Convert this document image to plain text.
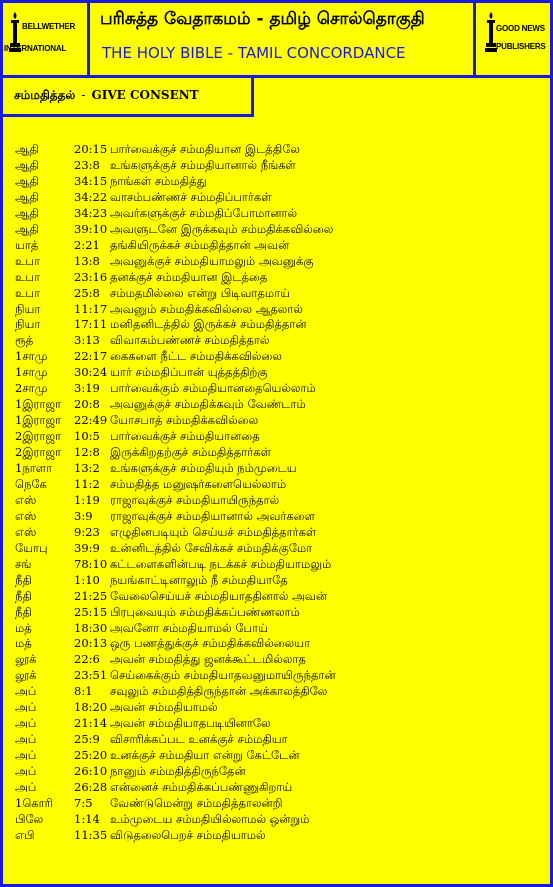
BELLWETHER
INTERNATIONAL
பரிசுத்த வேதாகமம் - தமிழ் சொல்தொகுதி
THE HOLY BIBLE - TAMIL CONCORDANCE
GOOD NEWS
PUBLISHERS
சம்மதித்தல் - GIVE CONSENT
ஆதி	20:15 பார்வைக்குச் சம்மதியான இடத்திலே
ஆதி	23:8 உங்களுக்குச் சம்மதியானால் நீங்கள்
ஆதி	34:15 நாங்கள் சம்மதித்து
ஆதி	34:22 வாசம்பண்ணச் சம்மதிப்பார்கள்
ஆதி	34:23 அவர்களுக்குச் சம்மதிப்போமானால்
ஆதி	39:10 அவளுடனே இருக்கவும் சம்மதிக்கவில்லை
யாத்	2:21 தங்கியிருக்கச் சம்மதித்தான் அவன்
உபா	13:8 அவனுக்குச் சம்மதியாமலும் அவனுக்கு
உபா	23:16 தனக்குச் சம்மதியான இடத்தை
உபா	25:8 சம்மதமில்லை என்று பிடிவாதமாய்
நியா	11:17 அவனும் சம்மதிக்கவில்லை ஆதலால்
நியா	17:11 மனிதனிடத்தில் இருக்கச் சம்மதித்தான்
ரூத்	3:13 விவாகம்பண்ணச் சம்மதித்தால்
1சாமு	22:17 கைகளை நீட்ட சம்மதிக்கவில்லை
1சாமு	30:24 யார் சம்மதிப்பான் யுத்தத்திற்கு
2சாமு	3:19 பார்வைக்கும் சம்மதியானதையெல்லாம்
1இராஜா	20:8 அவனுக்குச் சம்மதிக்கவும் வேண்டாம்
1இராஜா	22:49 யோசபாத் சம்மதிக்கவில்லை
2இராஜா	10:5 பார்வைக்குச் சம்மதியானதை
2இராஜா	12:8 இருக்கிறதற்குச் சம்மதித்தார்கள்
1நாளா	13:2 உங்களுக்குச் சம்மதியும் நம்முடைய
நெகே	11:2 சம்மதித்த மனுஷர்களையெல்லாம்
எஸ்	1:19 ராஜாவுக்குச் சம்மதியாயிருந்தால்
எஸ்	3:9	ராஜாவுக்குச் சம்மதியானால் அவர்களை
எஸ்	9:23 எழுதினபடியும் செய்யச் சம்மதித்தார்கள்
யோபு	39:9 உன்னிடத்தில் சேவிக்கச் சம்மதிக்குமோ
சங்	78:10 கட்டளைகளின்படி நடக்கச் சம்மதியாமலும்
நீதி	1:10 நயங்காட்டினாலும் நீ சம்மதியாதே
நீதி	21:25 வேலைசெய்யச் சம்மதியாததினால் அவன்
நீதி	25:15 பிரபுவையும் சம்மதிக்கப்பண்ணலாம்
மத்	18:30 அவனோ சம்மதியாமல் போய்
மத்	20:13 ஒரு பணத்துக்குச் சம்மதிக்கவில்லையா
லூக்	22:6 அவன் சம்மதித்து ஜனக்கூட்டமில்லாத
லூக்	23:51 செய்கைக்கும் சம்மதியாதவனுமாயிருந்தான்
அப்	8:1	சவுலும் சம்மதித்திருந்தான் அக்காலத்திலே
அப்	18:20 அவன் சம்மதியாமல்
அப்	21:14 அவன் சம்மதியாதபடியினாலே
அப்	25:9 விசாரிக்கப்பட உனக்குச் சம்மதியா
அப்	25:20 உனக்குச் சம்மதியா என்று கேட்டேன்
அப்	26:10 நானும் சம்மதித்திருந்தேன்
அப்	26:28 என்னைச் சம்மதிக்கப்பண்ணுகிறாய்
1கொரி	7:5	வேண்டுமென்று சம்மதித்தாலன்றி
பிலே	1:14 உம்முடைய சம்மதியில்லாமல் ஒன்றும்
எபி	11:35 விடுதலைபெறச் சம்மதியாமல்
